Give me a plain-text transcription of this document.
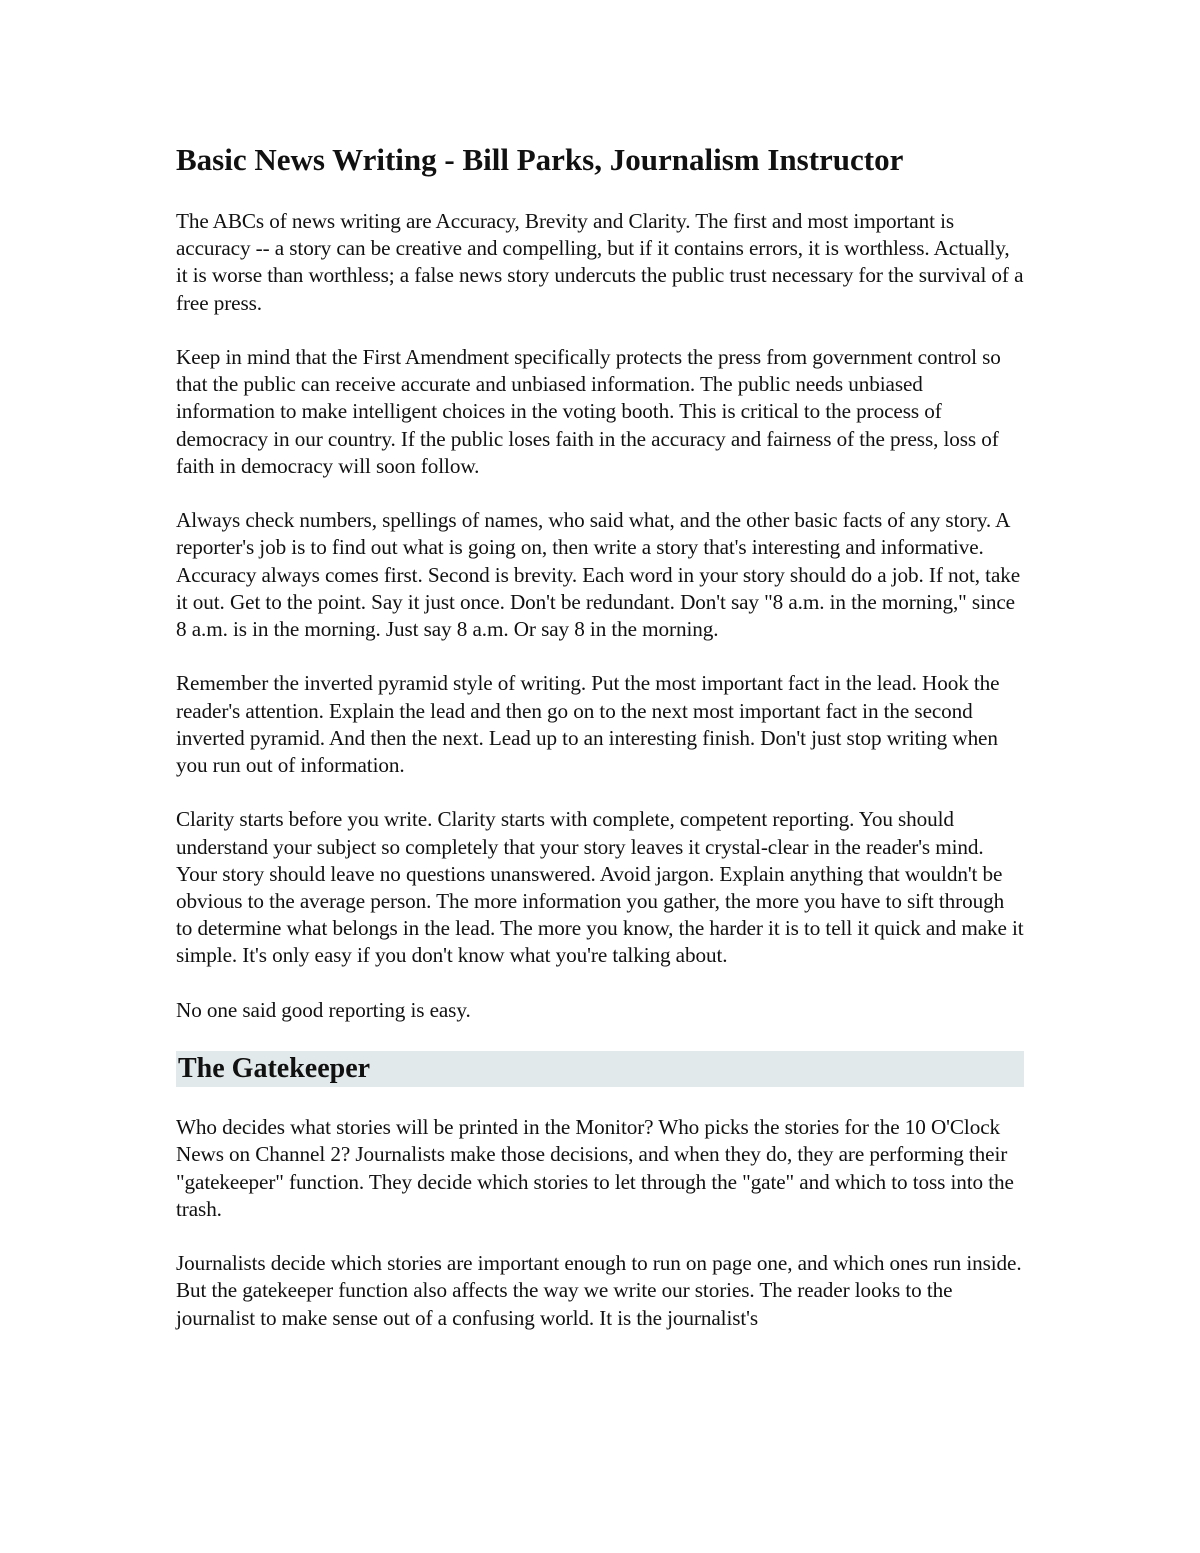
Basic News Writing - Bill Parks, Journalism Instructor

The ABCs of news writing are Accuracy, Brevity and Clarity. The first and most important is accuracy -- a story can be creative and compelling, but if it contains errors, it is worthless. Actually, it is worse than worthless; a false news story undercuts the public trust necessary for the survival of a free press.

Keep in mind that the First Amendment specifically protects the press from government control so that the public can receive accurate and unbiased information. The public needs unbiased information to make intelligent choices in the voting booth. This is critical to the process of democracy in our country. If the public loses faith in the accuracy and fairness of the press, loss of faith in democracy will soon follow.

Always check numbers, spellings of names, who said what, and the other basic facts of any story. A reporter's job is to find out what is going on, then write a story that's interesting and informative. Accuracy always comes first. Second is brevity. Each word in your story should do a job. If not, take it out. Get to the point. Say it just once. Don't be redundant. Don't say "8 a.m. in the morning," since 8 a.m. is in the morning. Just say 8 a.m. Or say 8 in the morning.

Remember the inverted pyramid style of writing. Put the most important fact in the lead. Hook the reader's attention. Explain the lead and then go on to the next most important fact in the second inverted pyramid. And then the next. Lead up to an interesting finish. Don't just stop writing when you run out of information.

Clarity starts before you write. Clarity starts with complete, competent reporting. You should understand your subject so completely that your story leaves it crystal-clear in the reader's mind. Your story should leave no questions unanswered. Avoid jargon. Explain anything that wouldn't be obvious to the average person. The more information you gather, the more you have to sift through to determine what belongs in the lead. The more you know, the harder it is to tell it quick and make it simple. It's only easy if you don't know what you're talking about.

No one said good reporting is easy.

The Gatekeeper

Who decides what stories will be printed in the Monitor? Who picks the stories for the 10 O'Clock News on Channel 2? Journalists make those decisions, and when they do, they are performing their "gatekeeper" function. They decide which stories to let through the "gate" and which to toss into the trash.

Journalists decide which stories are important enough to run on page one, and which ones run inside. But the gatekeeper function also affects the way we write our stories. The reader looks to the journalist to make sense out of a confusing world. It is the journalist's
